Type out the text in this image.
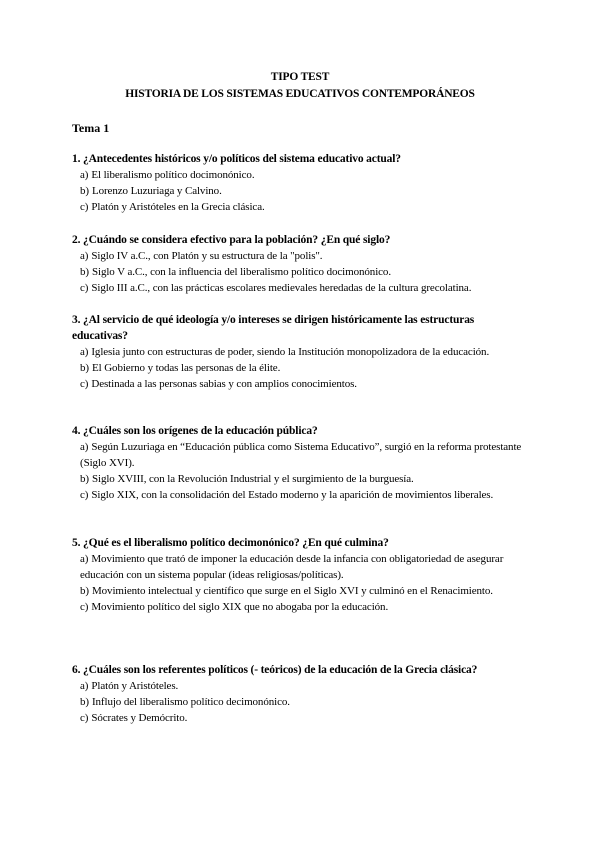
TIPO TEST
HISTORIA DE LOS SISTEMAS EDUCATIVOS CONTEMPORÁNEOS
Tema 1
1. ¿Antecedentes históricos y/o políticos del sistema educativo actual?
a) El liberalismo político docimonónico.
b) Lorenzo Luzuriaga y Calvino.
c) Platón y Aristóteles en la Grecia clásica.
2. ¿Cuándo se considera efectivo para la población? ¿En qué siglo?
a) Siglo IV a.C., con Platón y su estructura de la "polis".
b) Siglo V a.C., con la influencia del liberalismo político docimonónico.
c) Siglo III a.C., con las prácticas escolares medievales heredadas de la cultura grecolatina.
3. ¿Al servicio de qué ideología y/o intereses se dirigen históricamente las estructuras educativas?
a) Iglesia junto con estructuras de poder, siendo la Institución monopolizadora de la educación.
b) El Gobierno y todas las personas de la élite.
c) Destinada a las personas sabias y con amplios conocimientos.
4. ¿Cuáles son los orígenes de la educación pública?
a) Según Luzuriaga en “Educación pública como Sistema Educativo”, surgió en la reforma protestante (Siglo XVI).
b) Siglo XVIII, con la Revolución Industrial y el surgimiento de la burguesía.
c) Siglo XIX, con la consolidación del Estado moderno y la aparición de movimientos liberales.
5. ¿Qué es el liberalismo político decimonónico? ¿En qué culmina?
a) Movimiento que trató de imponer la educación desde la infancia con obligatoriedad de asegurar educación con un sistema popular (ideas religiosas/políticas).
b) Movimiento intelectual y científico que surge en el Siglo XVI y culminó en el Renacimiento.
c) Movimiento político del siglo XIX que no abogaba por la educación.
6. ¿Cuáles son los referentes políticos (- teóricos) de la educación de la Grecia clásica?
a) Platón y Aristóteles.
b) Influjo del liberalismo político decimonónico.
c) Sócrates y Demócrito.
